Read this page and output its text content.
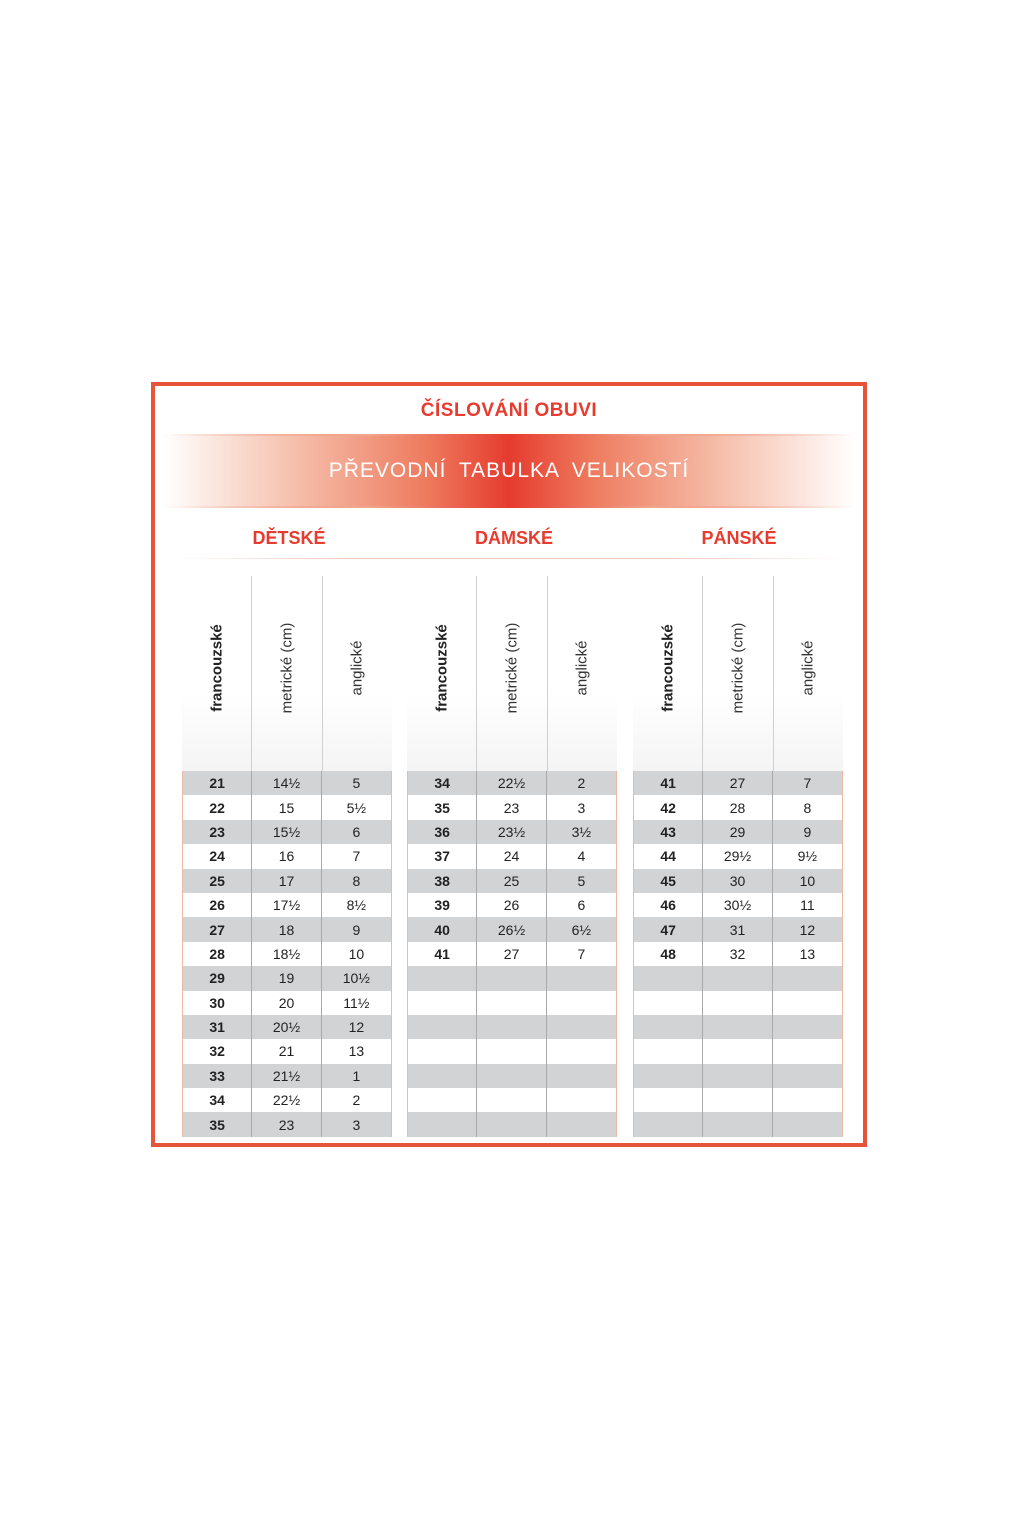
ČÍSLOVÁNÍ OBUVI
PŘEVODNÍ TABULKA VELIKOSTÍ
DĚTSKÉ	DÁMSKÉ	PÁNSKÉ
francouzské	metrické (cm)	anglické
21	14½	5
22	15	5½
23	15½	6
24	16	7
25	17	8
26	17½	8½
27	18	9
28	18½	10
29	19	10½
30	20	11½
31	20½	12
32	21	13
33	21½	1
34	22½	2
35	23	3
francouzské	metrické (cm)	anglické
34	22½	2
35	23	3
36	23½	3½
37	24	4
38	25	5
39	26	6
40	26½	6½
41	27	7
francouzské	metrické (cm)	anglické
41	27	7
42	28	8
43	29	9
44	29½	9½
45	30	10
46	30½	11
47	31	12
48	32	13
